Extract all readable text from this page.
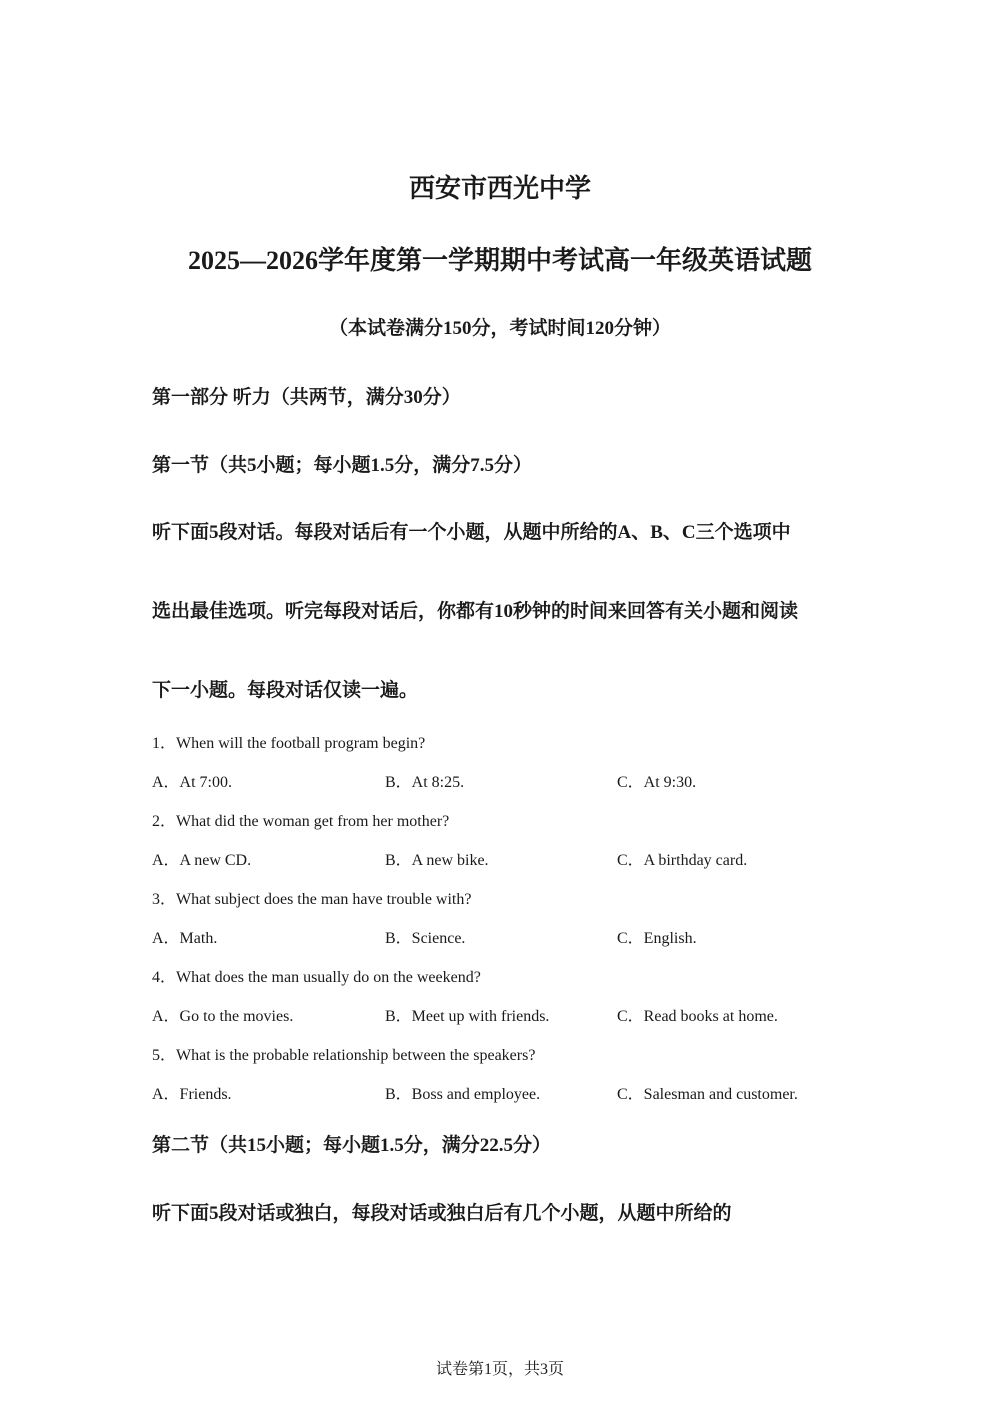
西安市西光中学
2025—2026学年度第一学期期中考试高一年级英语试题
（本试卷满分150分，考试时间120分钟）
第一部分 听力（共两节，满分30分）
第一节（共5小题；每小题1.5分，满分7.5分）
听下面5段对话。每段对话后有一个小题，从题中所给的A、B、C三个选项中
选出最佳选项。听完每段对话后，你都有10秒钟的时间来回答有关小题和阅读
下一小题。每段对话仅读一遍。
1．When will the football program begin?
A．At 7:00.	B．At 8:25.	C．At 9:30.
2．What did the woman get from her mother?
A．A new CD.	B．A new bike.	C．A birthday card.
3．What subject does the man have trouble with?
A．Math.	B．Science.	C．English.
4．What does the man usually do on the weekend?
A．Go to the movies.	B．Meet up with friends.	C．Read books at home.
5．What is the probable relationship between the speakers?
A．Friends.	B．Boss and employee.	C．Salesman and customer.
第二节（共15小题；每小题1.5分，满分22.5分）
听下面5段对话或独白，每段对话或独白后有几个小题，从题中所给的
试卷第1页，共3页
